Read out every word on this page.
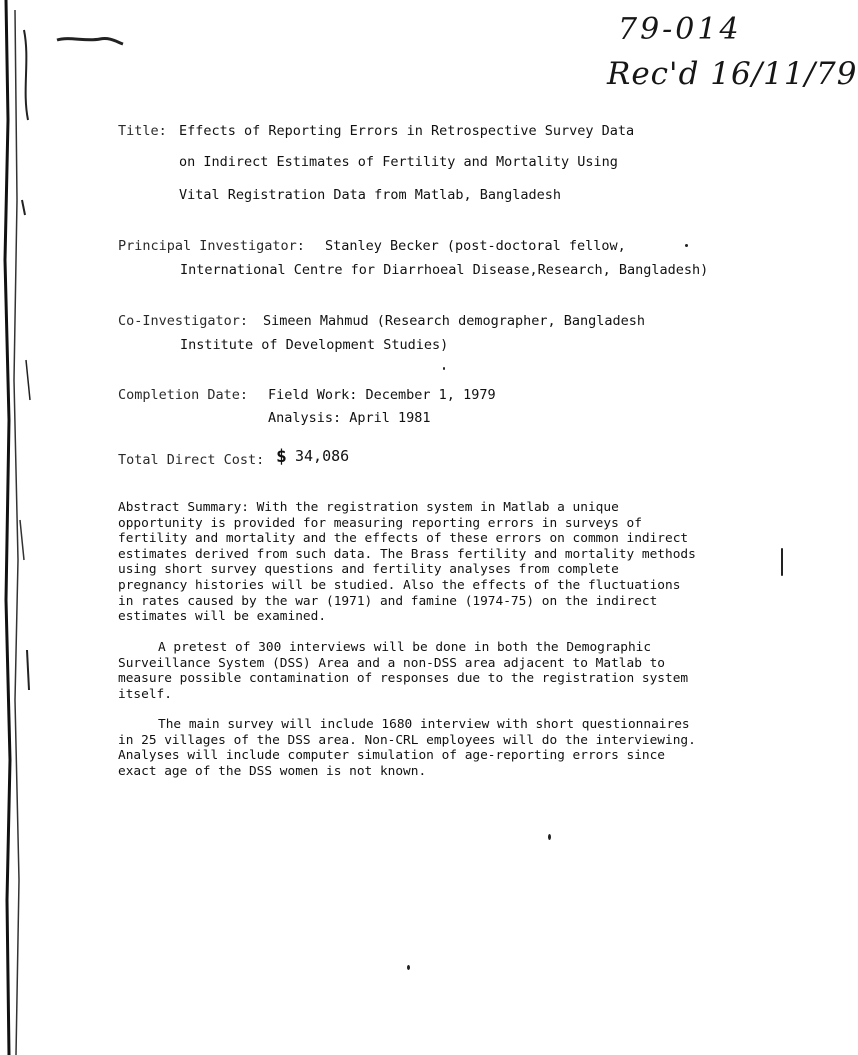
79-014
Rec'd 16/11/79
Title: Effects of Reporting Errors in Retrospective Survey Data
on Indirect Estimates of Fertility and Mortality Using
Vital Registration Data from Matlab, Bangladesh
Principal Investigator: Stanley Becker (post-doctoral fellow,
International Centre for Diarrhoeal Disease,Research, Bangladesh)
Co-Investigator: Simeen Mahmud (Research demographer, Bangladesh
Institute of Development Studies)
Completion Date: Field Work: December 1, 1979
Analysis: April 1981
Total Direct Cost: $ 34,086
Abstract Summary: With the registration system in Matlab a unique
opportunity is provided for measuring reporting errors in surveys of
fertility and mortality and the effects of these errors on common indirect
estimates derived from such data. The Brass fertility and mortality methods
using short survey questions and fertility analyses from complete
pregnancy histories will be studied. Also the effects of the fluctuations
in rates caused by the war (1971) and famine (1974-75) on the indirect
estimates will be examined.
A pretest of 300 interviews will be done in both the Demographic
Surveillance System (DSS) Area and a non-DSS area adjacent to Matlab to
measure possible contamination of responses due to the registration system
itself.
The main survey will include 1680 interview with short questionnaires
in 25 villages of the DSS area. Non-CRL employees will do the interviewing.
Analyses will include computer simulation of age-reporting errors since
exact age of the DSS women is not known.
